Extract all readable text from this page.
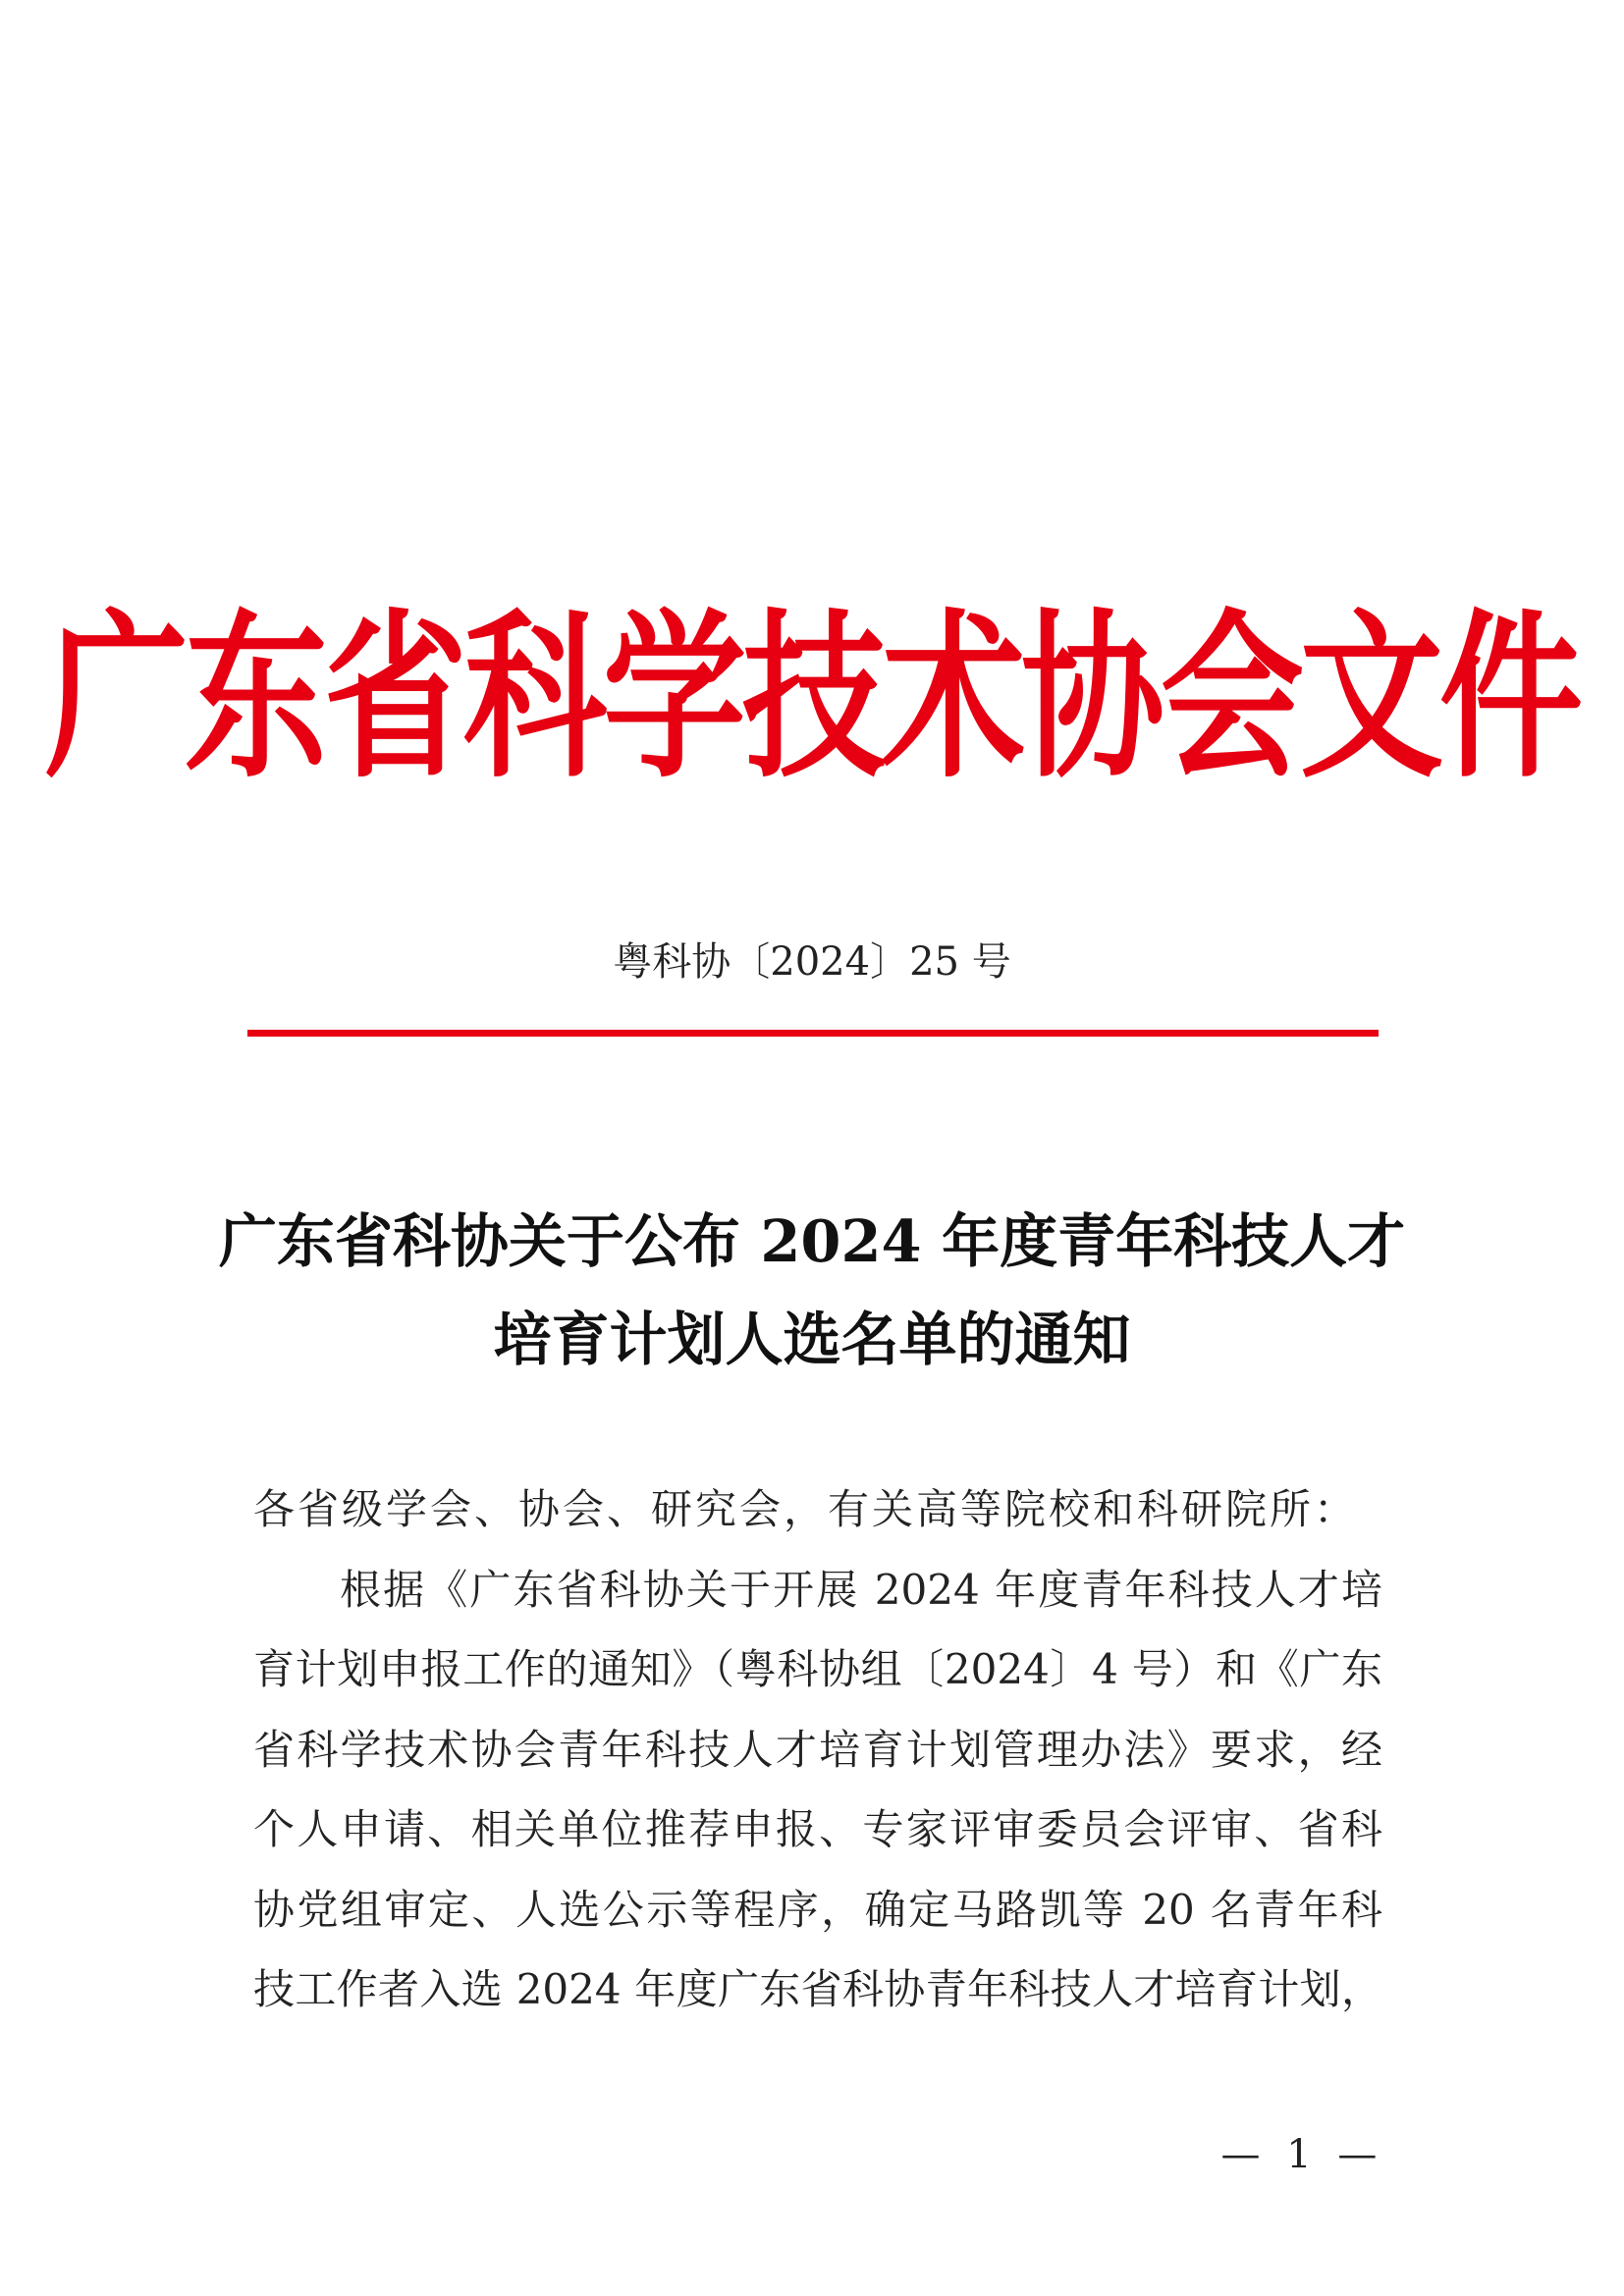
广东省科学技术协会文件
粤科协〔2024〕25 号
广东省科协关于公布 2024 年度青年科技人才
培育计划人选名单的通知
各省级学会、协会、研究会，有关高等院校和科研院所：
根据《广东省科协关于开展 2024 年度青年科技人才培
育计划申报工作的通知》（粤科协组〔2024〕4 号）和《广东
省科学技术协会青年科技人才培育计划管理办法》要求，经
个人申请、相关单位推荐申报、专家评审委员会评审、省科
协党组审定、人选公示等程序，确定马路凯等 20 名青年科
技工作者入选 2024 年度广东省科协青年科技人才培育计划，
— 1 —
